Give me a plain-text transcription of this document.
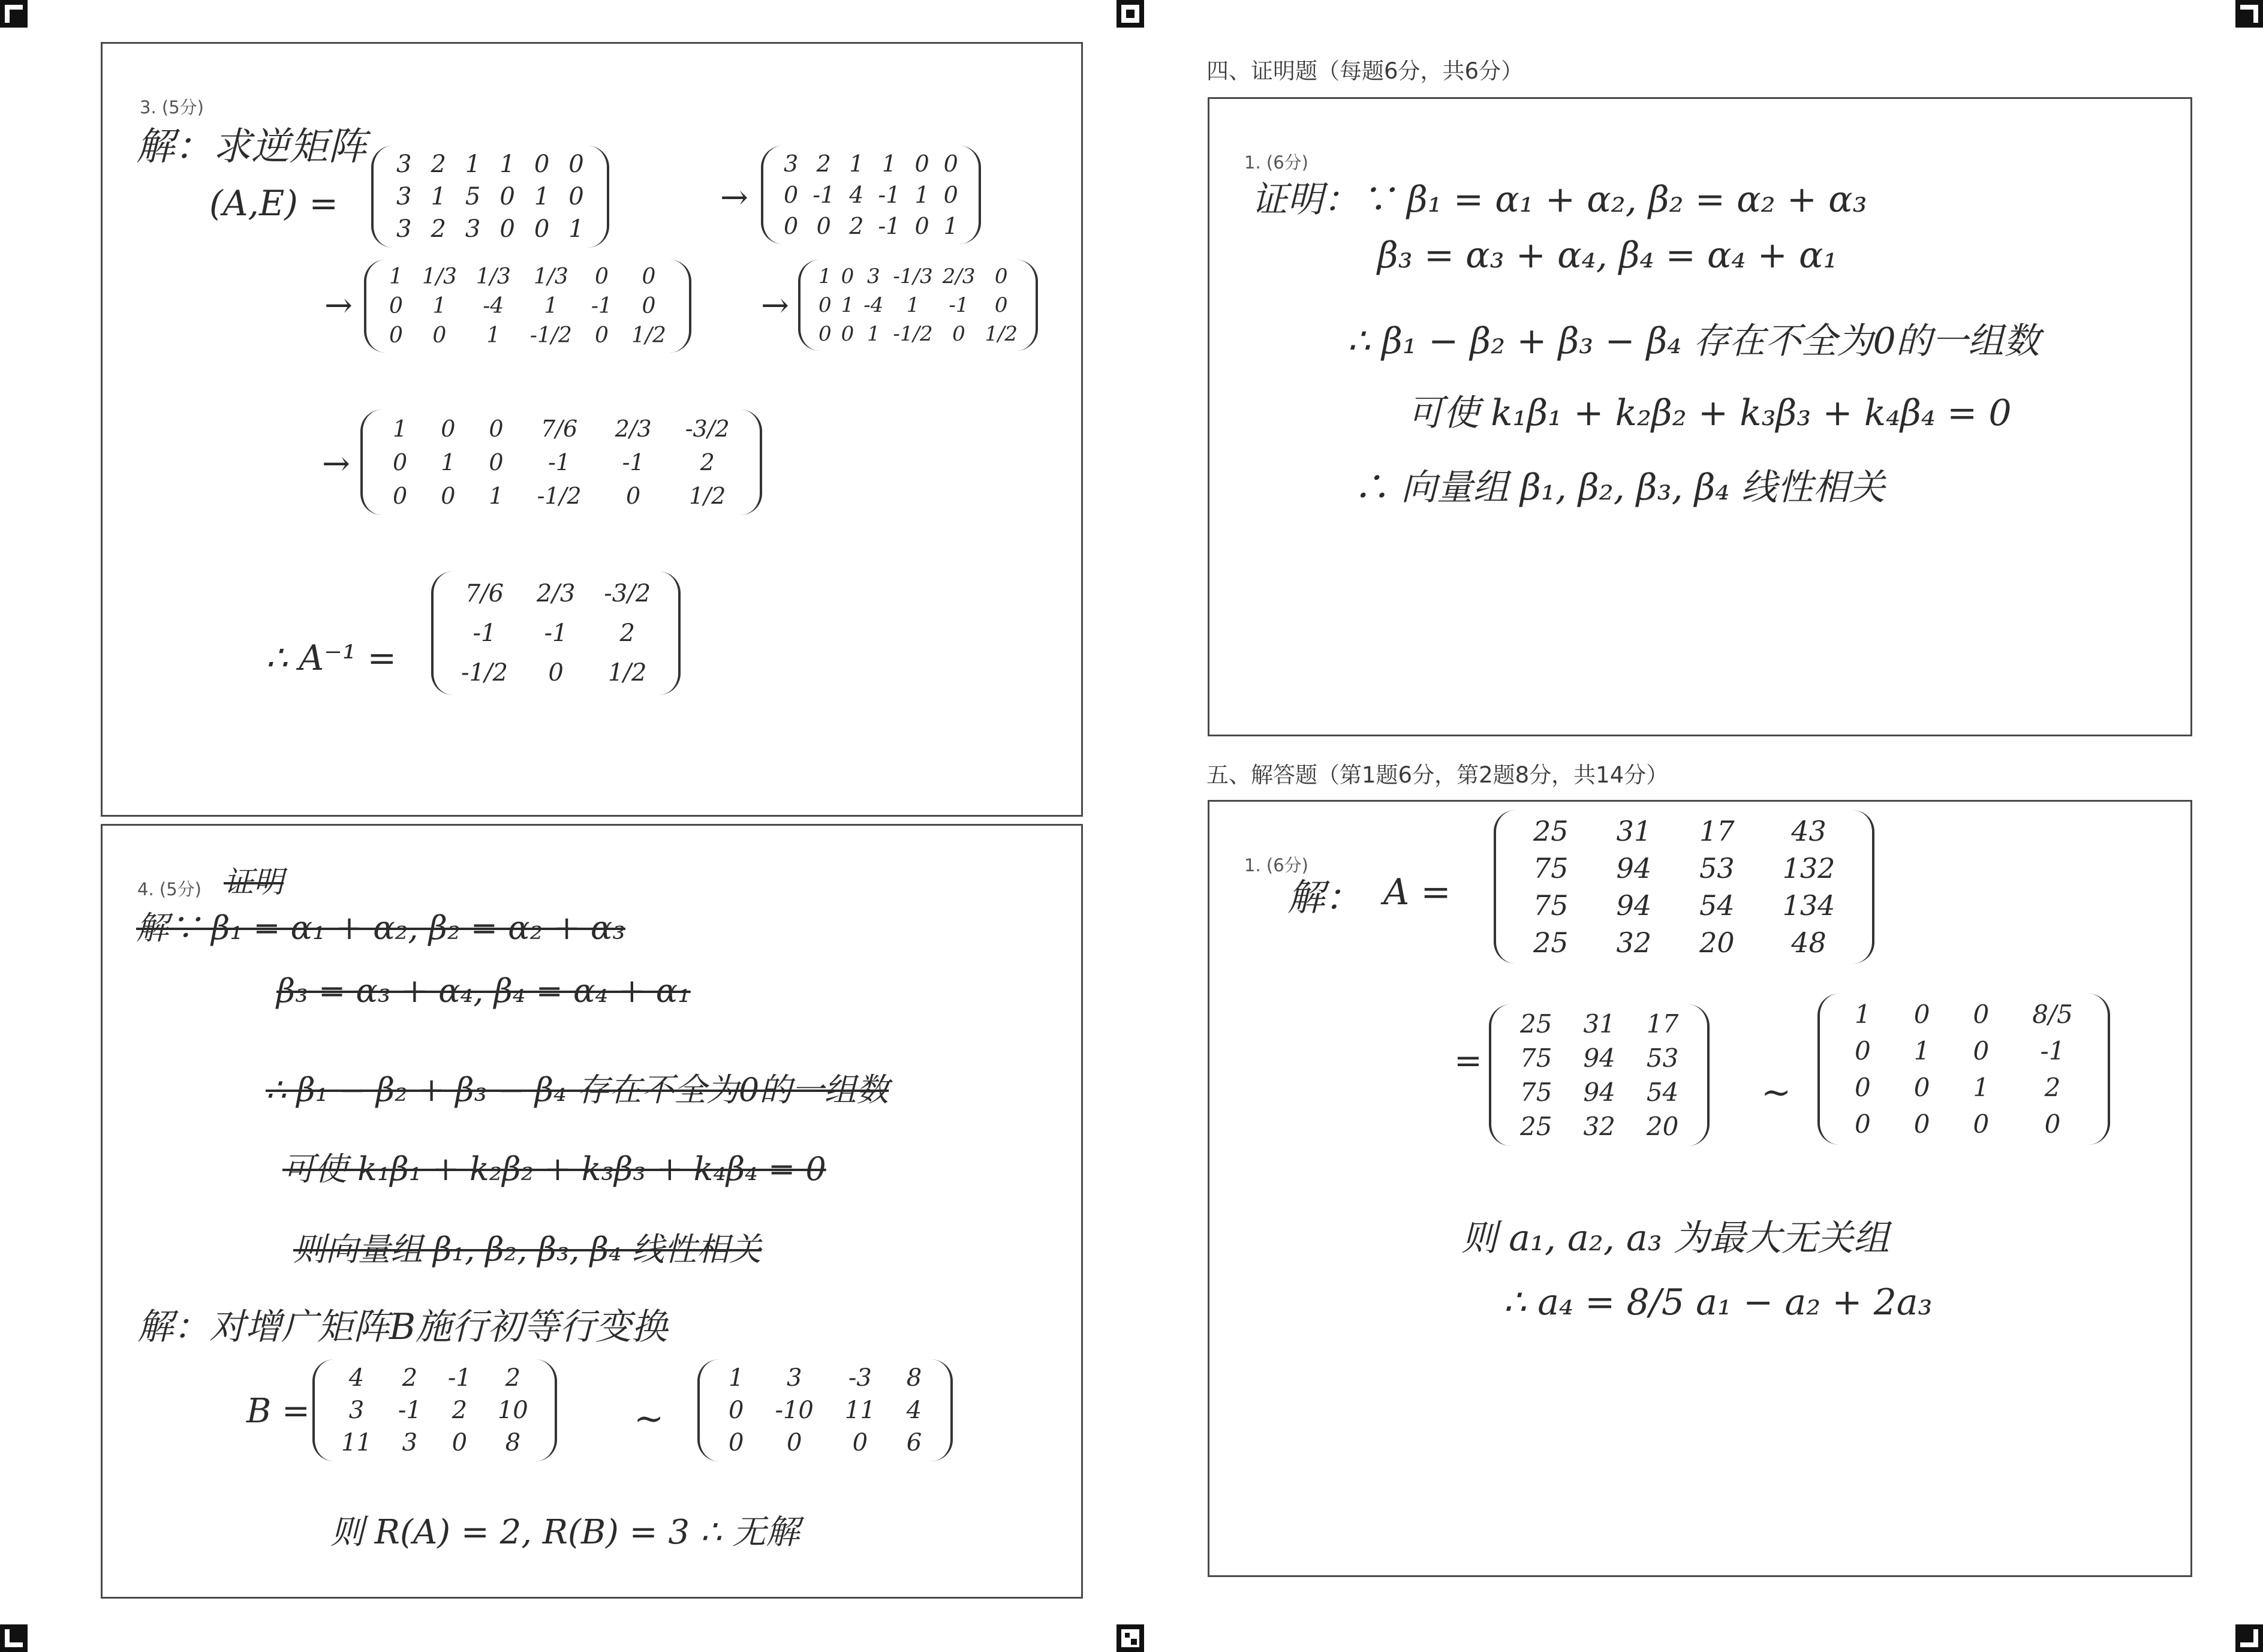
四、证明题（每题6分，共6分）
五、解答题（第1题6分，第2题8分，共14分）
3. (5分)
解：求逆矩阵
(A,E) =
3	2	1	1	0	0
3	1	5	0	1	0
3	2	3	0	0	1
→
3	2	1	1	0	0
0	-1	4	-1	1	0
0	0	2	-1	0	1
→
1	1/3	1/3	1/3	0	0
0	1	-4	1	-1	0
0	0	1	-1/2	0	1/2
→
1	0	3	-1/3	2/3	0
0	1	-4	1	-1	0
0	0	1	-1/2	0	1/2
→
1	0	0	7/6	2/3	-3/2
0	1	0	-1	-1	2
0	0	1	-1/2	0	1/2
∴ A⁻¹ =
7/6	2/3	-3/2
-1	-1	2
-1/2	0	1/2
4. (5分) 证明
解∵ β₁ = α₁ + α₂, β₂ = α₂ + α₃
β₃ = α₃ + α₄, β₄ = α₄ + α₁
∴ β₁ − β₂ + β₃ − β₄ 存在不全为0的一组数
可使 k₁β₁ + k₂β₂ + k₃β₃ + k₄β₄ = 0
则向量组 β₁, β₂, β₃, β₄ 线性相关
解：对增广矩阵B施行初等行变换
B =
4	2	-1	2
3	-1	2	10
11	3	0	8
~
1	3	-3	8
0	-10	11	4
0	0	0	6
则 R(A) = 2, R(B) = 3 ∴ 无解
1. (6分)
证明：∵ β₁ = α₁ + α₂, β₂ = α₂ + α₃
β₃ = α₃ + α₄, β₄ = α₄ + α₁
∴ β₁ − β₂ + β₃ − β₄ 存在不全为0的一组数
可使 k₁β₁ + k₂β₂ + k₃β₃ + k₄β₄ = 0
∴ 向量组 β₁, β₂, β₃, β₄ 线性相关
1. (6分)
解： A =
25	31	17	43
75	94	53	132
75	94	54	134
25	32	20	48
=
25	31	17
75	94	53
75	94	54
25	32	20
~
1	0	0	8/5
0	1	0	-1
0	0	1	2
0	0	0	0
则 a₁, a₂, a₃ 为最大无关组
∴ a₄ = 8/5 a₁ − a₂ + 2a₃
